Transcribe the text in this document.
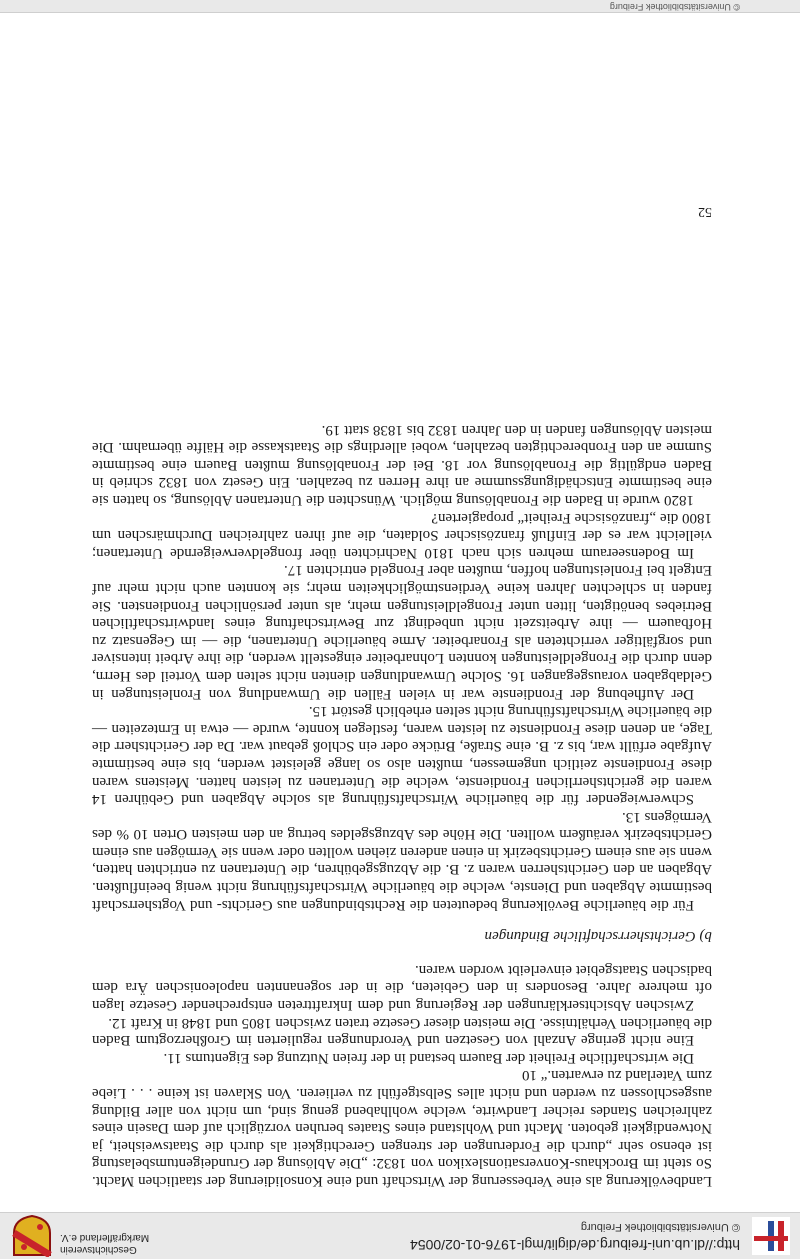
http://dl.ub.uni-freiburg.de/diglit/mgl-1976-01-02/0054
© Universitätsbibliothek Freiburg
Geschichtsverein Markgräflerland e.V.

Landbevölkerung als eine Verbesserung der Wirtschaft und eine Konsolidierung der staatlichen Macht. So steht im Brockhaus-Konversationslexikon von 1832: „Die Ablösung der Grundeigentumsbelastung ist ebenso sehr „durch die Forderungen der strengen Gerechtigkeit als durch die Staatsweisheit, ja Notwendigkeit geboten. Macht und Wohlstand eines Staates beruhen vorzüglich auf dem Dasein eines zahlreichen Standes reicher Landwirte, welche wohlhabend genug sind, um nicht von aller Bildung ausgeschlossen zu werden und nicht alles Selbstgefühl zu verlieren. Von Sklaven ist keine . . . Liebe zum Vaterland zu erwarten.“ 10

Die wirtschaftliche Freiheit der Bauern bestand in der freien Nutzung des Eigentums 11.

Eine nicht geringe Anzahl von Gesetzen und Verordnungen regulierten im Großherzogtum Baden die bäuerlichen Verhältnisse. Die meisten dieser Gesetze traten zwischen 1805 und 1848 in Kraft 12.

Zwischen Absichtserklärungen der Regierung und dem Inkrafttreten entsprechender Gesetze lagen oft mehrere Jahre. Besonders in den Gebieten, die in der sogenannten napoleonischen Ära dem badischen Staatsgebiet einverleibt worden waren.

b) Gerichtsherrschaftliche Bindungen

Für die bäuerliche Bevölkerung bedeuteten die Rechtsbindungen aus Gerichts- und Vogtsherrschaft bestimmte Abgaben und Dienste, welche die bäuerliche Wirtschaftsführung nicht wenig beeinflußten. Abgaben an den Gerichtsherren waren z. B. die Abzugsgebühren, die Untertanen zu entrichten hatten, wenn sie aus einem Gerichtsbezirk in einen anderen ziehen wollten oder wenn sie Vermögen aus einem Gerichtsbezirk veräußern wollten. Die Höhe des Abzugsgeldes betrug an den meisten Orten 10 % des Vermögens 13.

Schwerwiegender für die bäuerliche Wirtschaftsführung als solche Abgaben und Gebühren 14 waren die gerichtsherrlichen Frondienste, welche die Untertanen zu leisten hatten. Meistens waren diese Frondienste zeitlich ungemessen, mußten also so lange geleistet werden, bis eine bestimmte Aufgabe erfüllt war, bis z. B. eine Straße, Brücke oder ein Schloß gebaut war. Da der Gerichtsherr die Tage, an denen diese Frondienste zu leisten waren, festlegen konnte, wurde — etwa in Erntezeiten — die bäuerliche Wirtschaftsführung nicht selten erheblich gestört 15.

Der Aufhebung der Frondienste war in vielen Fällen die Umwandlung von Fronleistungen in Geldabgaben vorausgegangen 16. Solche Umwandlungen dienten nicht selten dem Vorteil des Herrn, denn durch die Frongeldleistungen konnten Lohnarbeiter eingestellt werden, die ihre Arbeit intensiver und sorgfältiger verrichteten als Fronarbeiter. Arme bäuerliche Untertanen, die — im Gegensatz zu Hofbauern — ihre Arbeitszeit nicht unbedingt zur Bewirtschaftung eines landwirtschaftlichen Betriebes benötigten, litten unter Frongeldleistungen mehr, als unter persönlichen Frondiensten. Sie fanden in schlechten Jahren keine Verdienstmöglichkeiten mehr; sie konnten auch nicht mehr auf Entgelt bei Fronleistungen hoffen, mußten aber Frongeld entrichten 17.

Im Bodenseeraum mehren sich nach 1810 Nachrichten über frongeldverweigernde Untertanen; vielleicht war es der Einfluß französischer Soldaten, die auf ihren zahlreichen Durchmärschen um 1800 die „französische Freiheit“ propagierten?

1820 wurde in Baden die Fronablösung möglich. Wünschten die Untertanen Ablösung, so hatten sie eine bestimmte Entschädigungssumme an ihre Herren zu bezahlen. Ein Gesetz von 1832 schrieb in Baden endgültig die Fronablösung vor 18. Bei der Fronablösung mußten Bauern eine bestimmte Summe an den Fronberechtigten bezahlen, wobei allerdings die Staatskasse die Hälfte übernahm. Die meisten Ablösungen fanden in den Jahren 1832 bis 1838 statt 19.

52
© Universitätsbibliothek Freiburg
